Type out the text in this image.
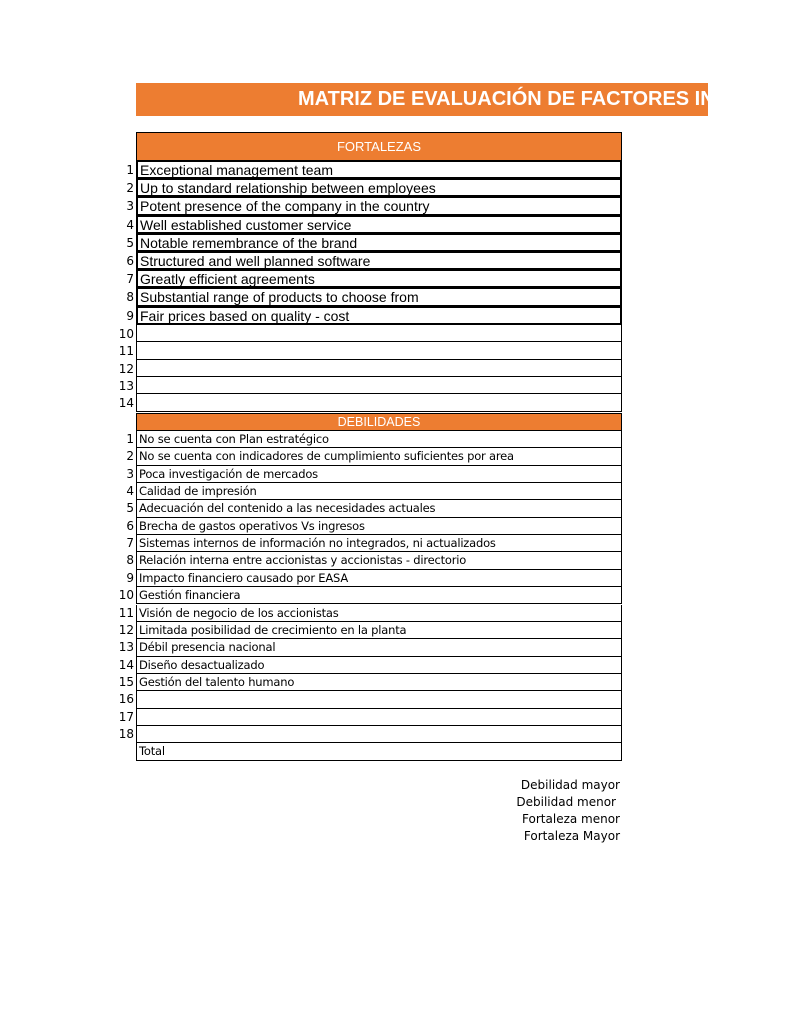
MATRIZ DE EVALUACIÓN DE FACTORES INTERNOS
FORTALEZAS
Exceptional management team
1
Up to standard relationship between employees
2
Potent presence of the company in the country
3
Well established customer service
4
Notable remembrance of the brand
5
Structured and well planned software
6
Greatly efficient agreements
7
Substantial range of products to choose from
8
Fair prices based on quality - cost
9
10
11
12
13
14
DEBILIDADES
No se cuenta con Plan estratégico
1
No se cuenta con indicadores de cumplimiento suficientes por area
2
Poca investigación de mercados
3
Calidad de impresión
4
Adecuación del contenido a las necesidades actuales
5
Brecha de gastos operativos Vs ingresos
6
Sistemas internos de información no integrados, ni actualizados
7
Relación interna entre accionistas y accionistas - directorio
8
Impacto financiero causado por EASA
9
Gestión financiera
10
Visión de negocio de los accionistas
11
Limitada posibilidad de crecimiento en la planta
12
Débil presencia nacional
13
Diseño desactualizado
14
Gestión del talento humano
15
16
17
18
Total
Debilidad mayor
Debilidad menor
Fortaleza menor
Fortaleza Mayor
